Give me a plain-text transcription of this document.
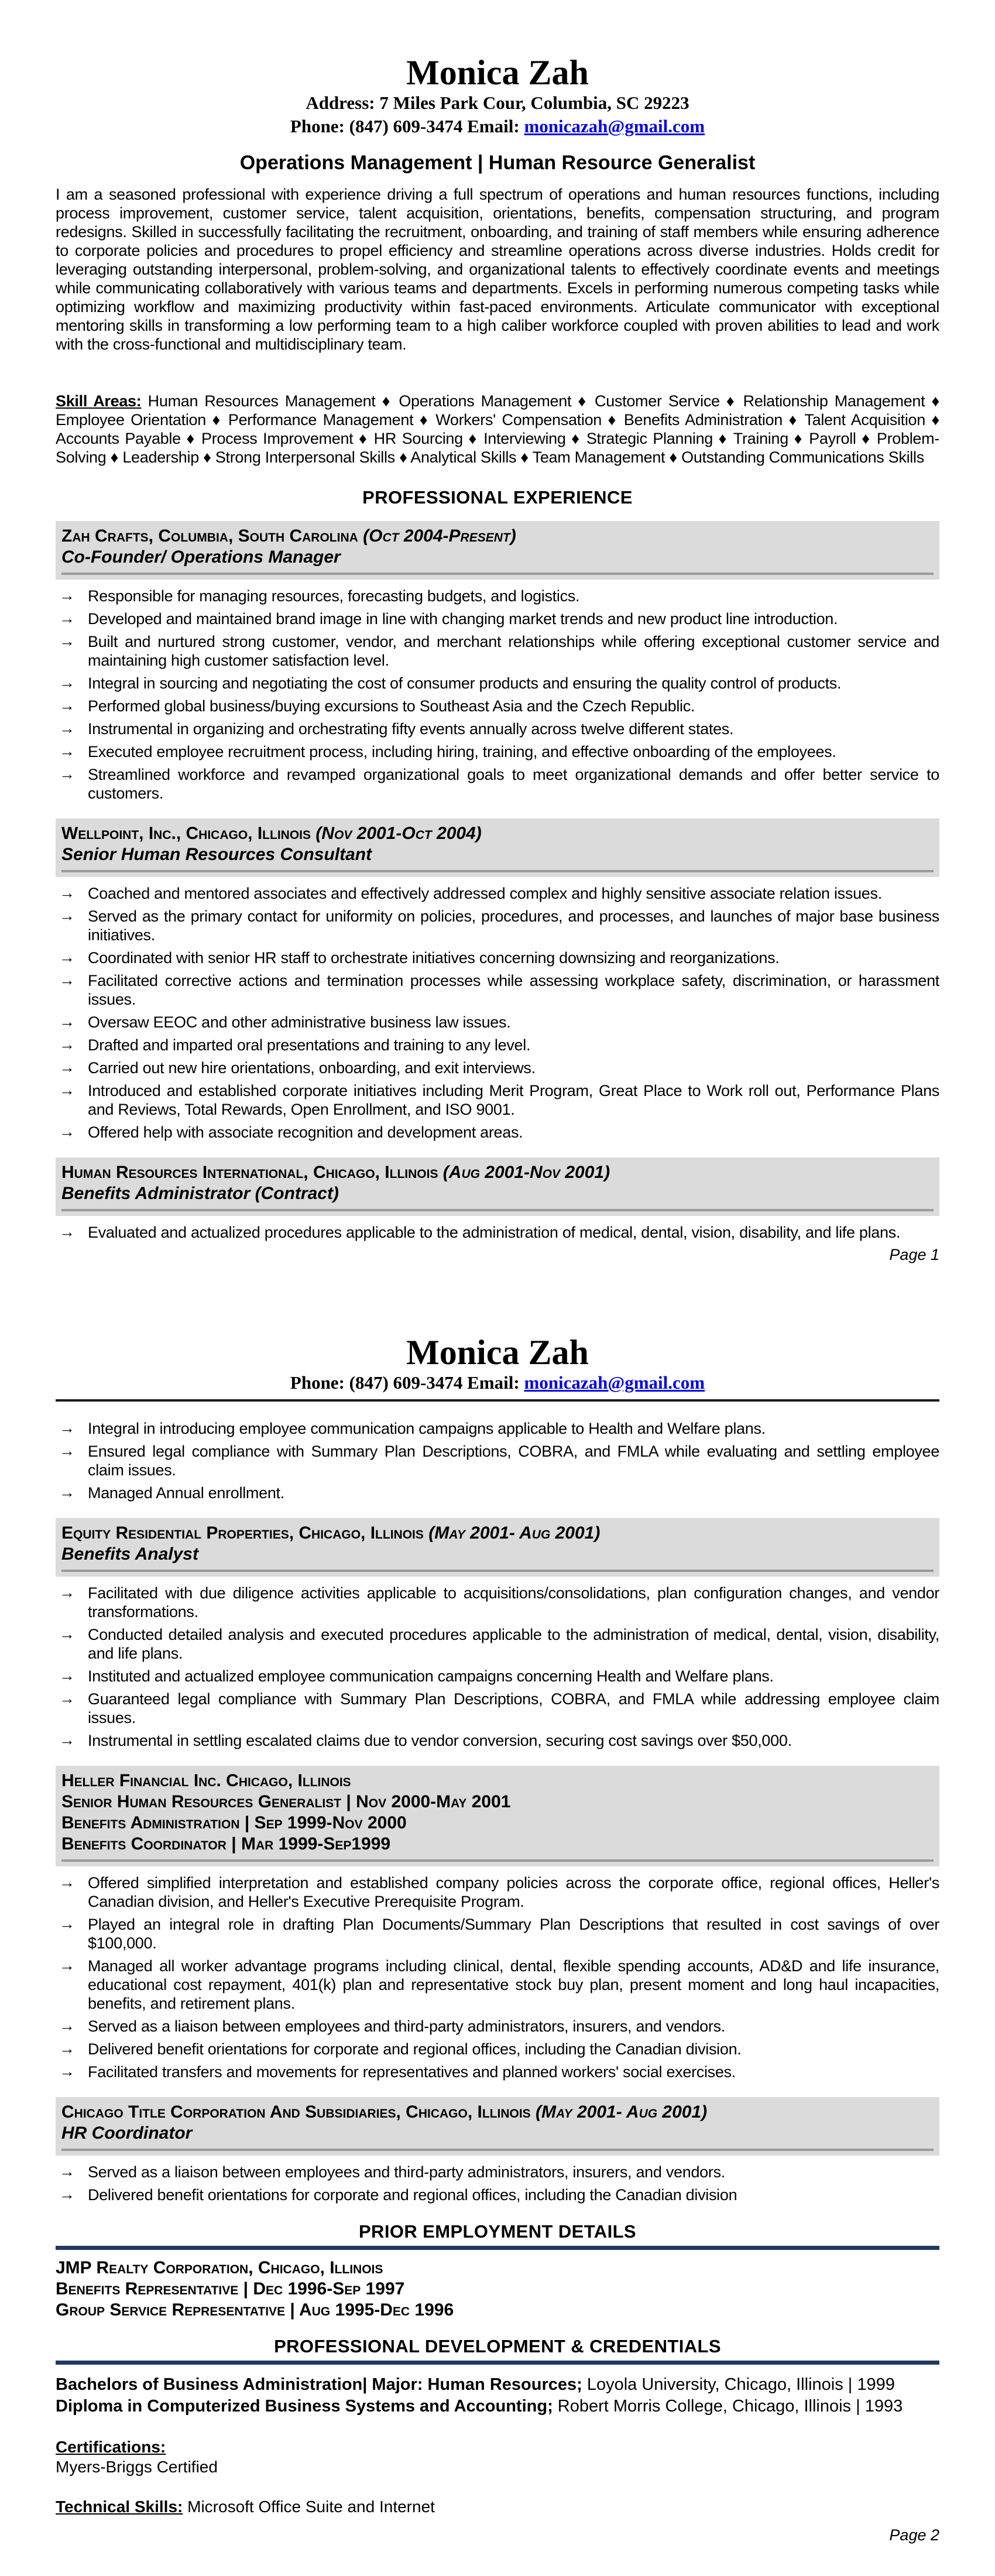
Monica Zah
Address: 7 Miles Park Cour, Columbia, SC 29223
Phone: (847) 609-3474 Email: monicazah@gmail.com
Operations Management | Human Resource Generalist

I am a seasoned professional with experience driving a full spectrum of operations and human resources functions, including process improvement, customer service, talent acquisition, orientations, benefits, compensation structuring, and program redesigns. Skilled in successfully facilitating the recruitment, onboarding, and training of staff members while ensuring adherence to corporate policies and procedures to propel efficiency and streamline operations across diverse industries. Holds credit for leveraging outstanding interpersonal, problem-solving, and organizational talents to effectively coordinate events and meetings while communicating collaboratively with various teams and departments. Excels in performing numerous competing tasks while optimizing workflow and maximizing productivity within fast-paced environments. Articulate communicator with exceptional mentoring skills in transforming a low performing team to a high caliber workforce coupled with proven abilities to lead and work with the cross-functional and multidisciplinary team.

Skill Areas: Human Resources Management ♦ Operations Management ♦ Customer Service ♦ Relationship Management ♦ Employee Orientation ♦ Performance Management ♦ Workers' Compensation ♦ Benefits Administration ♦ Talent Acquisition ♦ Accounts Payable ♦ Process Improvement ♦ HR Sourcing ♦ Interviewing ♦ Strategic Planning ♦ Training ♦ Payroll ♦ Problem-Solving ♦ Leadership ♦ Strong Interpersonal Skills ♦ Analytical Skills ♦ Team Management ♦ Outstanding Communications Skills

PROFESSIONAL EXPERIENCE
Zah Crafts, Columbia, South Carolina (Oct 2004-Present)
Co-Founder/ Operations Manager
→ Responsible for managing resources, forecasting budgets, and logistics.
→ Developed and maintained brand image in line with changing market trends and new product line introduction.
→ Built and nurtured strong customer, vendor, and merchant relationships while offering exceptional customer service and maintaining high customer satisfaction level.
→ Integral in sourcing and negotiating the cost of consumer products and ensuring the quality control of products.
→ Performed global business/buying excursions to Southeast Asia and the Czech Republic.
→ Instrumental in organizing and orchestrating fifty events annually across twelve different states.
→ Executed employee recruitment process, including hiring, training, and effective onboarding of the employees.
→ Streamlined workforce and revamped organizational goals to meet organizational demands and offer better service to customers.
Wellpoint, Inc., Chicago, Illinois (Nov 2001-Oct 2004)
Senior Human Resources Consultant
→ Coached and mentored associates and effectively addressed complex and highly sensitive associate relation issues.
→ Served as the primary contact for uniformity on policies, procedures, and processes, and launches of major base business initiatives.
→ Coordinated with senior HR staff to orchestrate initiatives concerning downsizing and reorganizations.
→ Facilitated corrective actions and termination processes while assessing workplace safety, discrimination, or harassment issues.
→ Oversaw EEOC and other administrative business law issues.
→ Drafted and imparted oral presentations and training to any level.
→ Carried out new hire orientations, onboarding, and exit interviews.
→ Introduced and established corporate initiatives including Merit Program, Great Place to Work roll out, Performance Plans and Reviews, Total Rewards, Open Enrollment, and ISO 9001.
→ Offered help with associate recognition and development areas.
Human Resources International, Chicago, Illinois (Aug 2001-Nov 2001)
Benefits Administrator (Contract)
→ Evaluated and actualized procedures applicable to the administration of medical, dental, vision, disability, and life plans.
Page 1
Monica Zah
Phone: (847) 609-3474 Email: monicazah@gmail.com
→ Integral in introducing employee communication campaigns applicable to Health and Welfare plans.
→ Ensured legal compliance with Summary Plan Descriptions, COBRA, and FMLA while evaluating and settling employee claim issues.
→ Managed Annual enrollment.
Equity Residential Properties, Chicago, Illinois (May 2001- Aug 2001)
Benefits Analyst
→ Facilitated with due diligence activities applicable to acquisitions/consolidations, plan configuration changes, and vendor transformations.
→ Conducted detailed analysis and executed procedures applicable to the administration of medical, dental, vision, disability, and life plans.
→ Instituted and actualized employee communication campaigns concerning Health and Welfare plans.
→ Guaranteed legal compliance with Summary Plan Descriptions, COBRA, and FMLA while addressing employee claim issues.
→ Instrumental in settling escalated claims due to vendor conversion, securing cost savings over $50,000.
Heller Financial Inc. Chicago, Illinois
Senior Human Resources Generalist | Nov 2000-May 2001
Benefits Administration | Sep 1999-Nov 2000
Benefits Coordinator | Mar 1999-Sep1999
→ Offered simplified interpretation and established company policies across the corporate office, regional offices, Heller's Canadian division, and Heller's Executive Prerequisite Program.
→ Played an integral role in drafting Plan Documents/Summary Plan Descriptions that resulted in cost savings of over $100,000.
→ Managed all worker advantage programs including clinical, dental, flexible spending accounts, AD&D and life insurance, educational cost repayment, 401(k) plan and representative stock buy plan, present moment and long haul incapacities, benefits, and retirement plans.
→ Served as a liaison between employees and third-party administrators, insurers, and vendors.
→ Delivered benefit orientations for corporate and regional offices, including the Canadian division.
→ Facilitated transfers and movements for representatives and planned workers' social exercises.
Chicago Title Corporation And Subsidiaries, Chicago, Illinois (May 2001- Aug 2001)
HR Coordinator
→ Served as a liaison between employees and third-party administrators, insurers, and vendors.
→ Delivered benefit orientations for corporate and regional offices, including the Canadian division
PRIOR EMPLOYMENT DETAILS
JMP Realty Corporation, Chicago, Illinois
Benefits Representative | Dec 1996-Sep 1997
Group Service Representative | Aug 1995-Dec 1996
PROFESSIONAL DEVELOPMENT & CREDENTIALS
Bachelors of Business Administration| Major: Human Resources; Loyola University, Chicago, Illinois | 1999
Diploma in Computerized Business Systems and Accounting; Robert Morris College, Chicago, Illinois | 1993
Certifications:
Myers-Briggs Certified
Technical Skills: Microsoft Office Suite and Internet
Page 2
